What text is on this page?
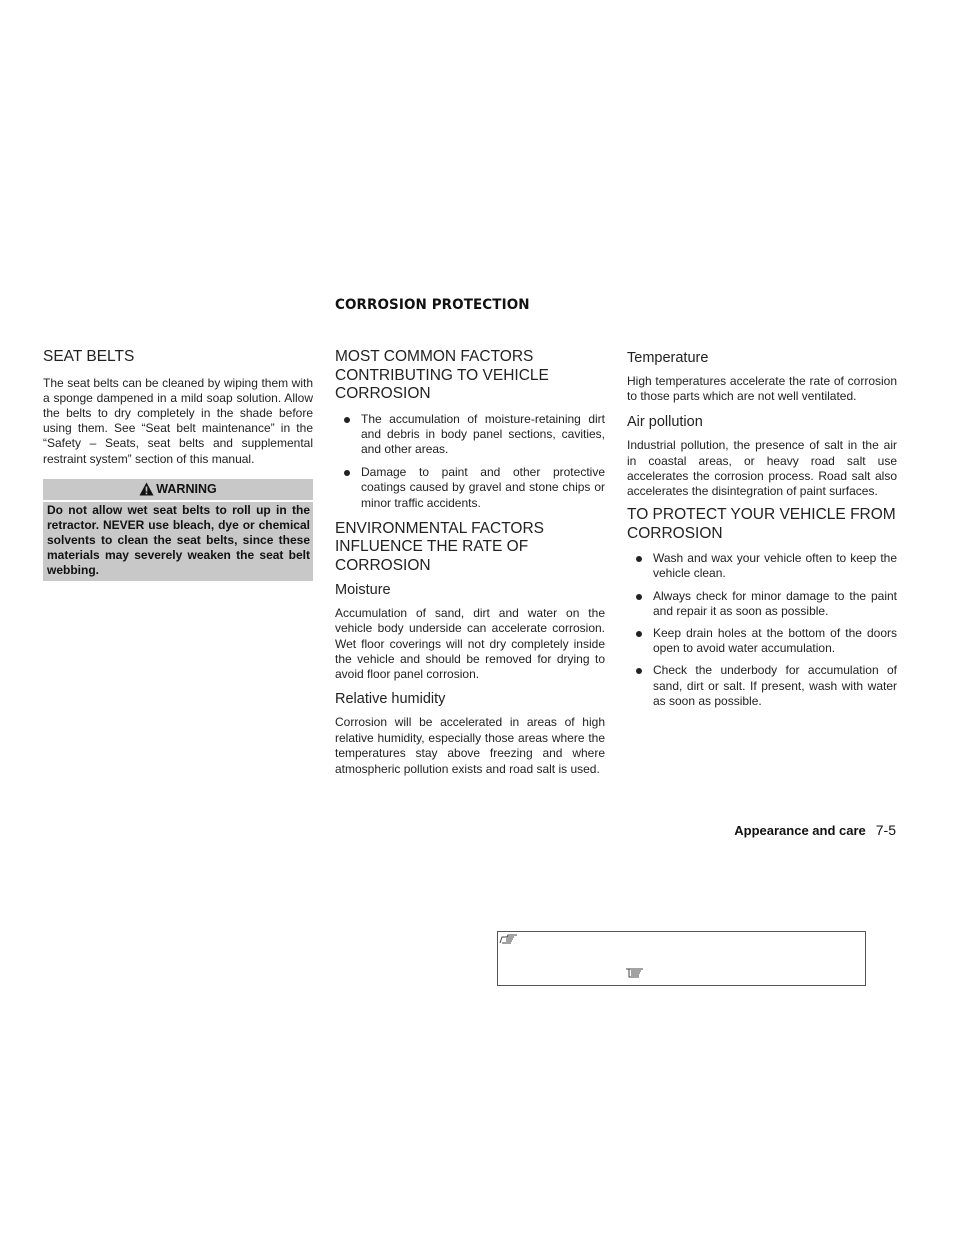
CORROSION PROTECTION
SEAT BELTS

The seat belts can be cleaned by wiping them with a sponge dampened in a mild soap solution. Allow the belts to dry completely in the shade before using them. See “Seat belt maintenance” in the “Safety – Seats, seat belts and supplemental restraint system” section of this manual.

WARNING
Do not allow wet seat belts to roll up in the retractor. NEVER use bleach, dye or chemical solvents to clean the seat belts, since these materials may severely weaken the seat belt webbing.
MOST COMMON FACTORS CONTRIBUTING TO VEHICLE CORROSION
The accumulation of moisture-retaining dirt and debris in body panel sections, cavities, and other areas.
Damage to paint and other protective coatings caused by gravel and stone chips or minor traffic accidents.
ENVIRONMENTAL FACTORS INFLUENCE THE RATE OF CORROSION
Moisture

Accumulation of sand, dirt and water on the vehicle body underside can accelerate corrosion. Wet floor coverings will not dry completely inside the vehicle and should be removed for drying to avoid floor panel corrosion.

Relative humidity

Corrosion will be accelerated in areas of high relative humidity, especially those areas where the temperatures stay above freezing and where atmospheric pollution exists and road salt is used.

Temperature

High temperatures accelerate the rate of corrosion to those parts which are not well ventilated.

Air pollution

Industrial pollution, the presence of salt in the air in coastal areas, or heavy road salt use accelerates the corrosion process. Road salt also accelerates the disintegration of paint surfaces.

TO PROTECT YOUR VEHICLE FROM CORROSION
Wash and wax your vehicle often to keep the vehicle clean.
Always check for minor damage to the paint and repair it as soon as possible.
Keep drain holes at the bottom of the doors open to avoid water accumulation.
Check the underbody for accumulation of sand, dirt or salt. If present, wash with water as soon as possible.
Appearance and care 7-5
